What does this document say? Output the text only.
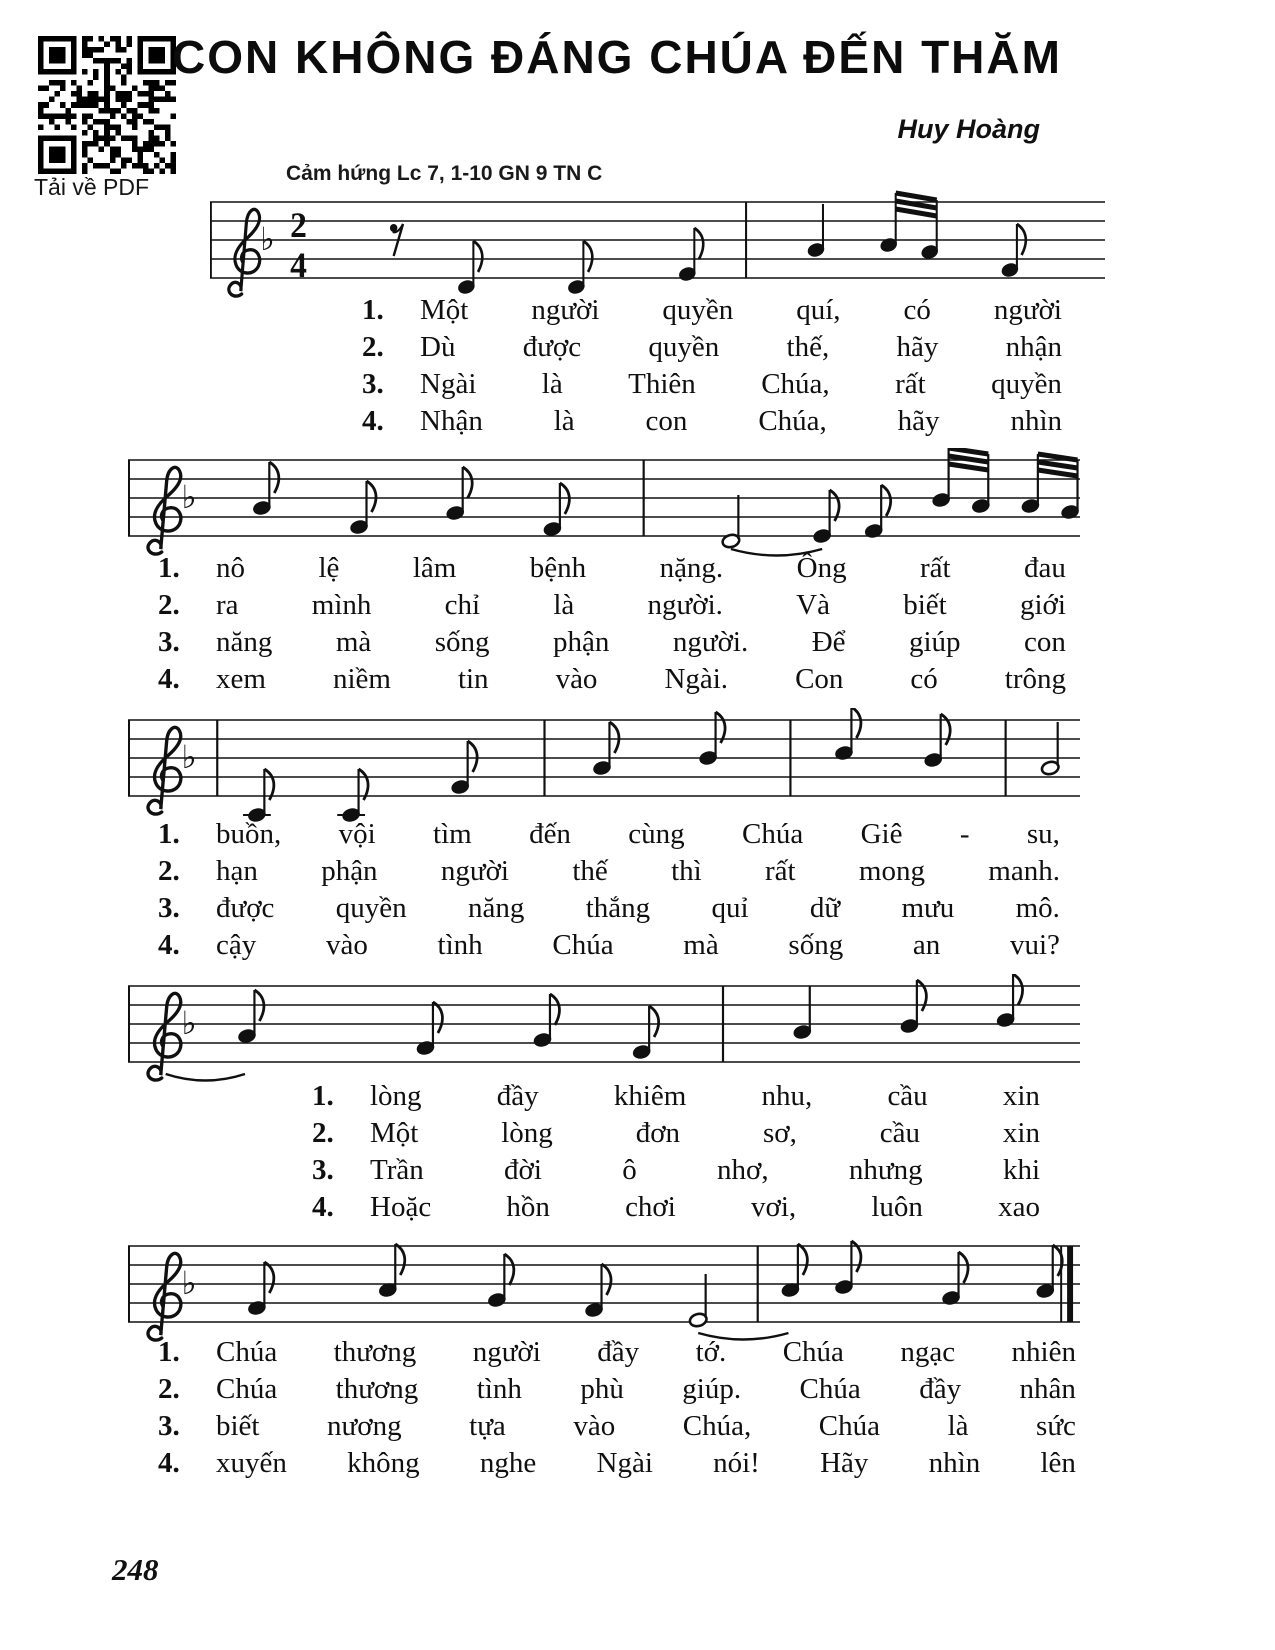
Tải về PDF
CON KHÔNG ĐÁNG CHÚA ĐẾN THĂM
Huy Hoàng
Cảm hứng Lc 7, 1-10 GN 9 TN C
♭ 2
4
1.	Một người quyền quí, có người
2.	Dù được quyền thế, hãy nhận
3.	Ngài là Thiên Chúa, rất quyền
4.	Nhận là con Chúa, hãy nhìn
♭
1.	nô	lệ	lâm	bệnh	nặng.	Ông	rất	đau
2.	ra	mình	chỉ	là	người.	Và	biết	giới
3.	năng mà sống phận người. Để giúp con
4.	xem niềm tin vào Ngài. Con có trông
♭
1.	buồn, vội tìm đến cùng Chúa Giê - su,
2.	hạn phận người thế thì rất mong manh.
3.	được quyền năng thắng quỉ dữ mưu mô.
4.	cậy vào tình Chúa mà sống an vui?
♭
1.	lòng	đầy	khiêm	nhu,	cầu	xin
2.	Một	lòng	đơn	sơ,	cầu	xin
3.	Trần	đời	ô	nhơ,	nhưng	khi
4.	Hoặc	hồn	chơi	vơi,	luôn	xao
♭
1.	Chúa thương người đầy tớ. Chúa ngạc nhiên
2.	Chúa thương tình phù giúp. Chúa đầy nhân
3.	biết nương tựa vào Chúa, Chúa là sức
4.	xuyến không nghe Ngài nói! Hãy nhìn lên
248
